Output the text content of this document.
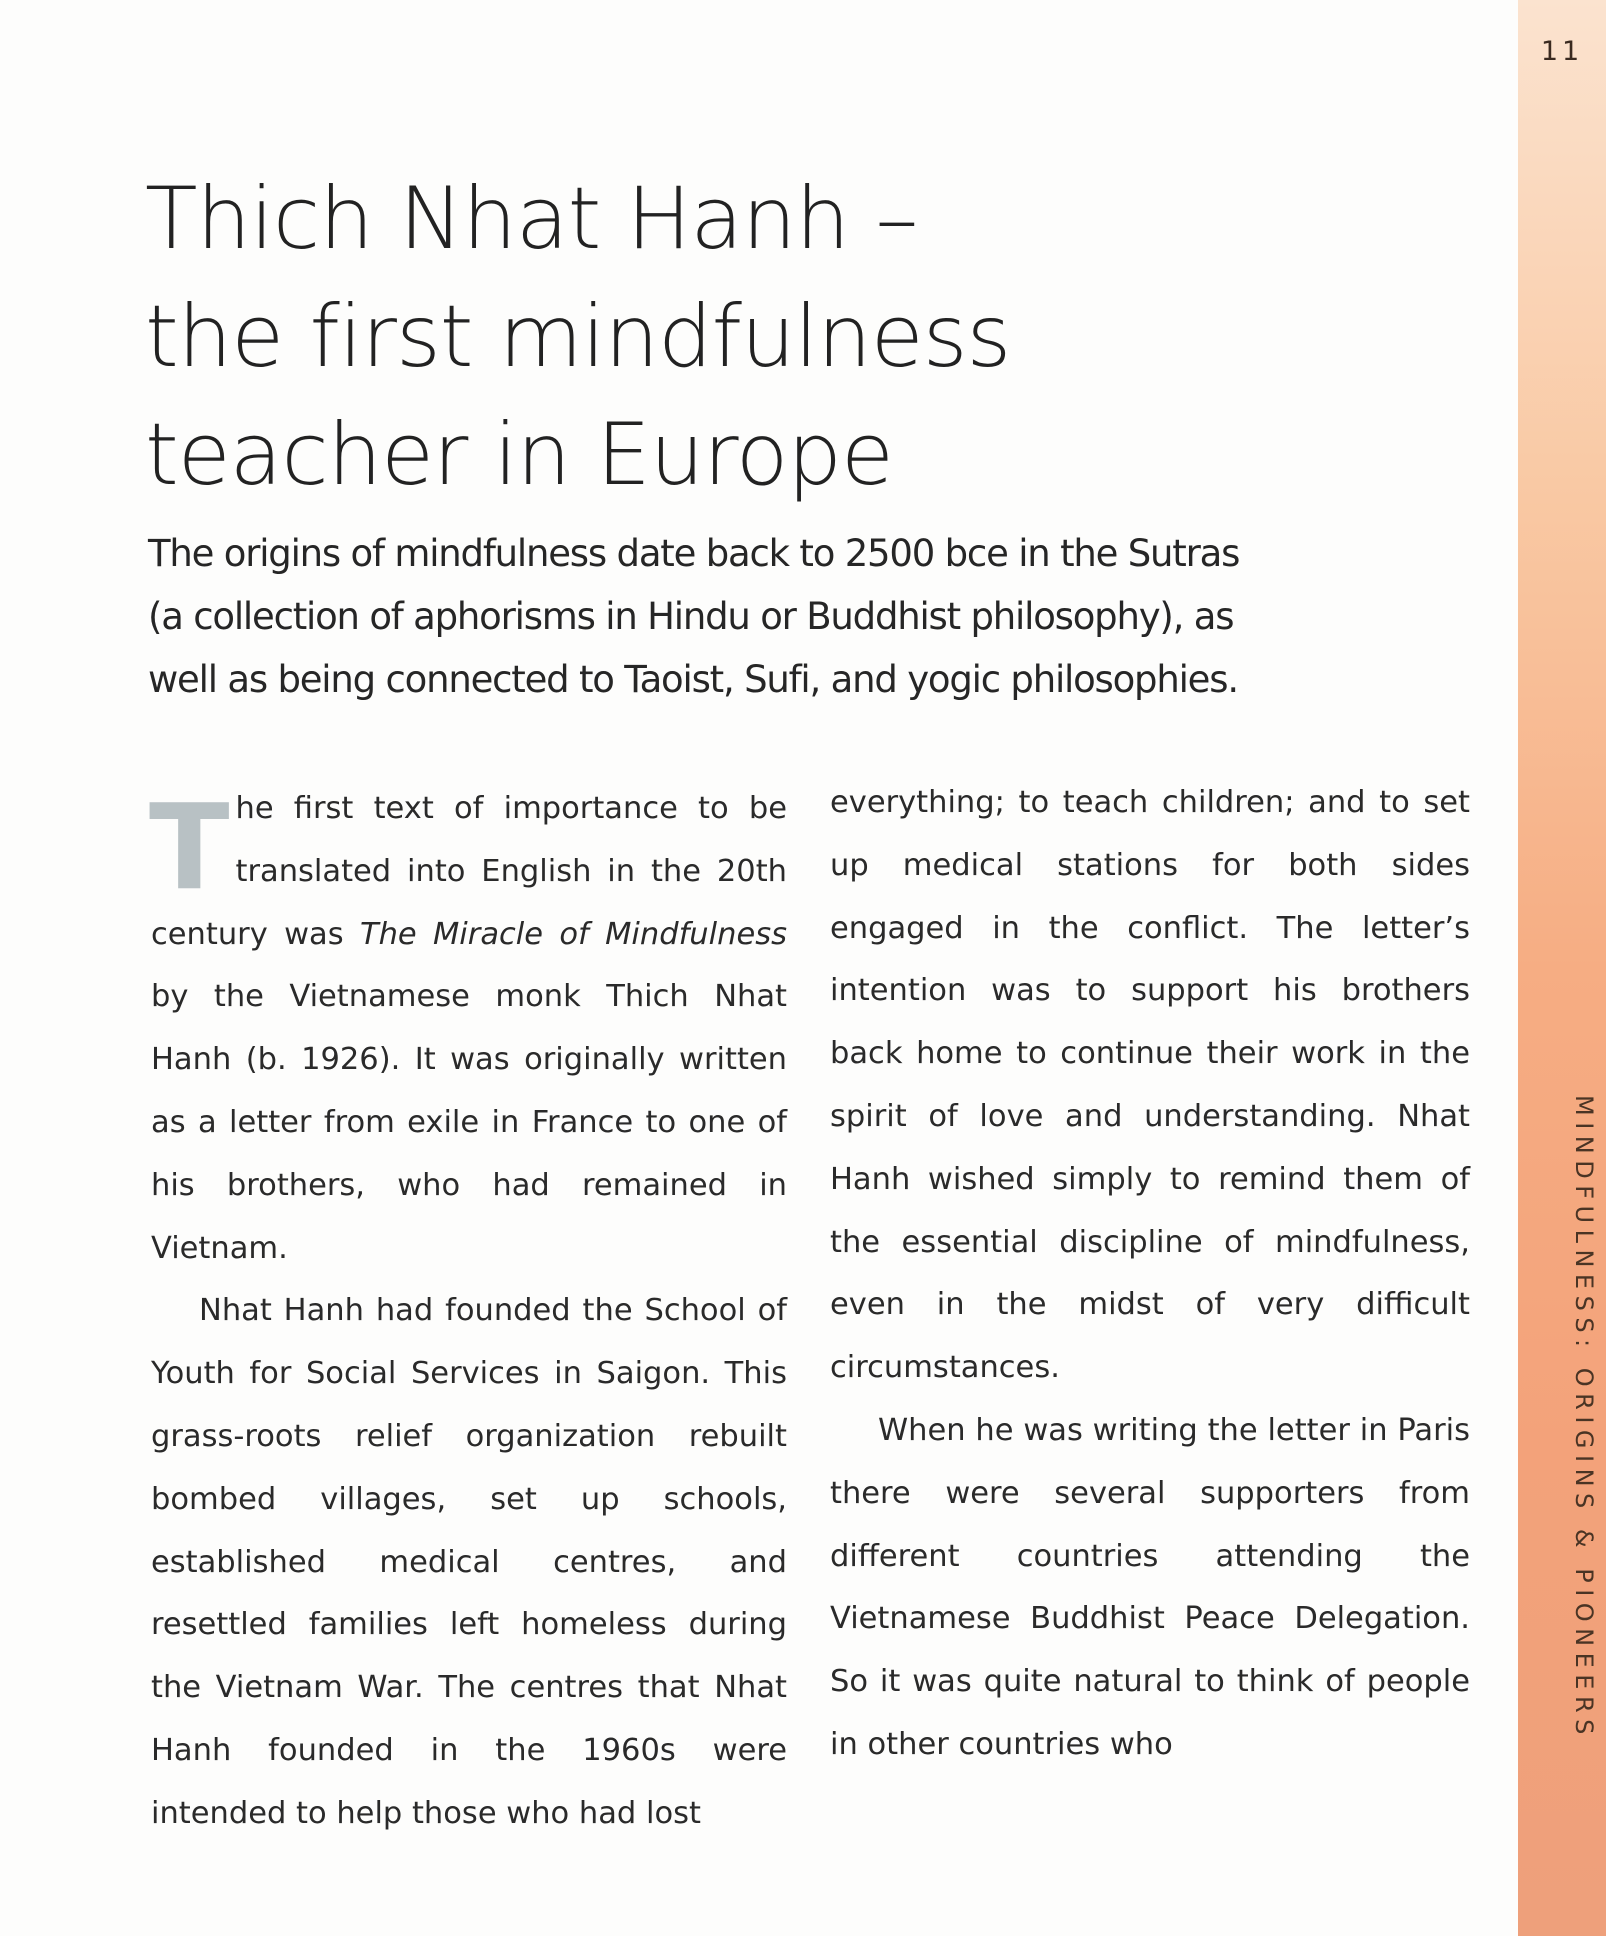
11
MINDFULNESS: ORIGINS & PIONEERS
Thich Nhat Hanh –
the first mindfulness
teacher in Europe
The origins of mindfulness date back to 2500 bce in the Sutras
(a collection of aphorisms in Hindu or Buddhist philosophy), as
well as being connected to Taoist, Sufi, and yogic philosophies.

The first text of importance to be translated into English in the 20th century was The Miracle of Mindfulness by the Vietnamese monk Thich Nhat Hanh (b. 1926). It was originally written as a letter from exile in France to one of his brothers, who had remained in Vietnam.

Nhat Hanh had founded the School of Youth for Social Services in Saigon. This grass-roots relief organization rebuilt bombed villages, set up schools, established medical centres, and resettled families left homeless during the Vietnam War. The centres that Nhat Hanh founded in the 1960s were intended to help those who had lost

everything; to teach children; and to set up medical stations for both sides engaged in the conflict. The letter’s intention was to support his brothers back home to continue their work in the spirit of love and understanding. Nhat Hanh wished simply to remind them of the essential discipline of mindfulness, even in the midst of very difficult circumstances.

When he was writing the letter in Paris there were several supporters from different countries attending the Vietnamese Buddhist Peace Delegation. So it was quite natural to think of people in other countries who
